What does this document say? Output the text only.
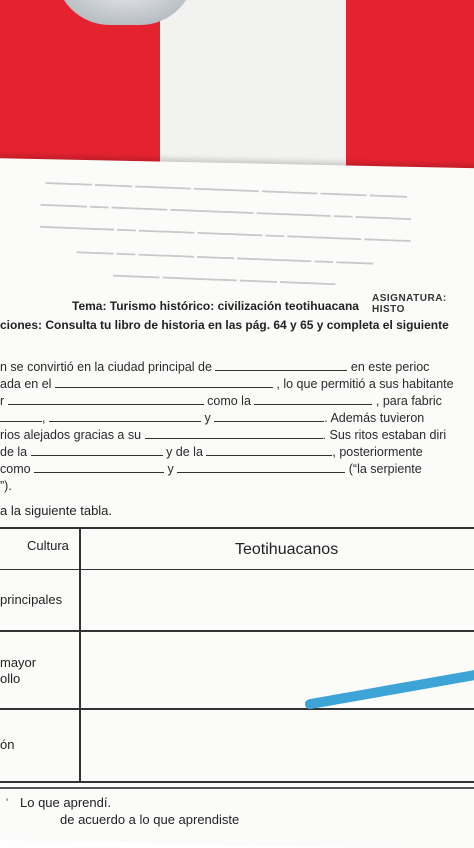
▁▁▁▁ ▁▁▁▁▁ ▁▁▁▁▁▁ ▁▁▁▁▁▁▁ ▁▁▁▁▁▁ ▁▁▁▁ ▁▁▁▁▁
▁▁▁▁▁▁ ▁▁ ▁▁▁▁▁▁▁▁ ▁▁▁▁▁▁▁▁▁ ▁▁▁▁▁▁ ▁▁ ▁▁▁▁▁
▁▁▁▁▁ ▁▁▁▁▁▁▁▁ ▁▁ ▁▁▁▁▁▁▁ ▁▁▁▁▁▁ ▁▁ ▁▁▁▁▁▁▁▁
▁▁▁▁ ▁▁ ▁▁▁▁▁▁▁▁ ▁▁▁▁ ▁▁▁▁▁▁ ▁▁ ▁▁▁▁
▁▁▁▁▁▁ ▁▁▁▁ ▁▁▁▁▁▁▁▁ ▁▁▁▁▁
ASIGNATURA: HISTO
Tema: Turismo histórico: civilización teotihuacana
ciones: Consulta tu libro de historia en las pág. 64 y 65 y completa el siguiente
n se convirtió en la ciudad principal de	en este perioc
ada en el	, lo que permitió a sus habitante
r	como la	, para fabric
,	y	. Además tuvieron
rios alejados gracias a su	. Sus ritos estaban diri
de la	y de la	, posteriormente
como	y	(“la serpiente
”).
a la siguiente tabla.
Cultura	Teotihuacanos
principales
mayor
ollo
ón
' Lo que aprendí.
de acuerdo a lo que aprendiste
